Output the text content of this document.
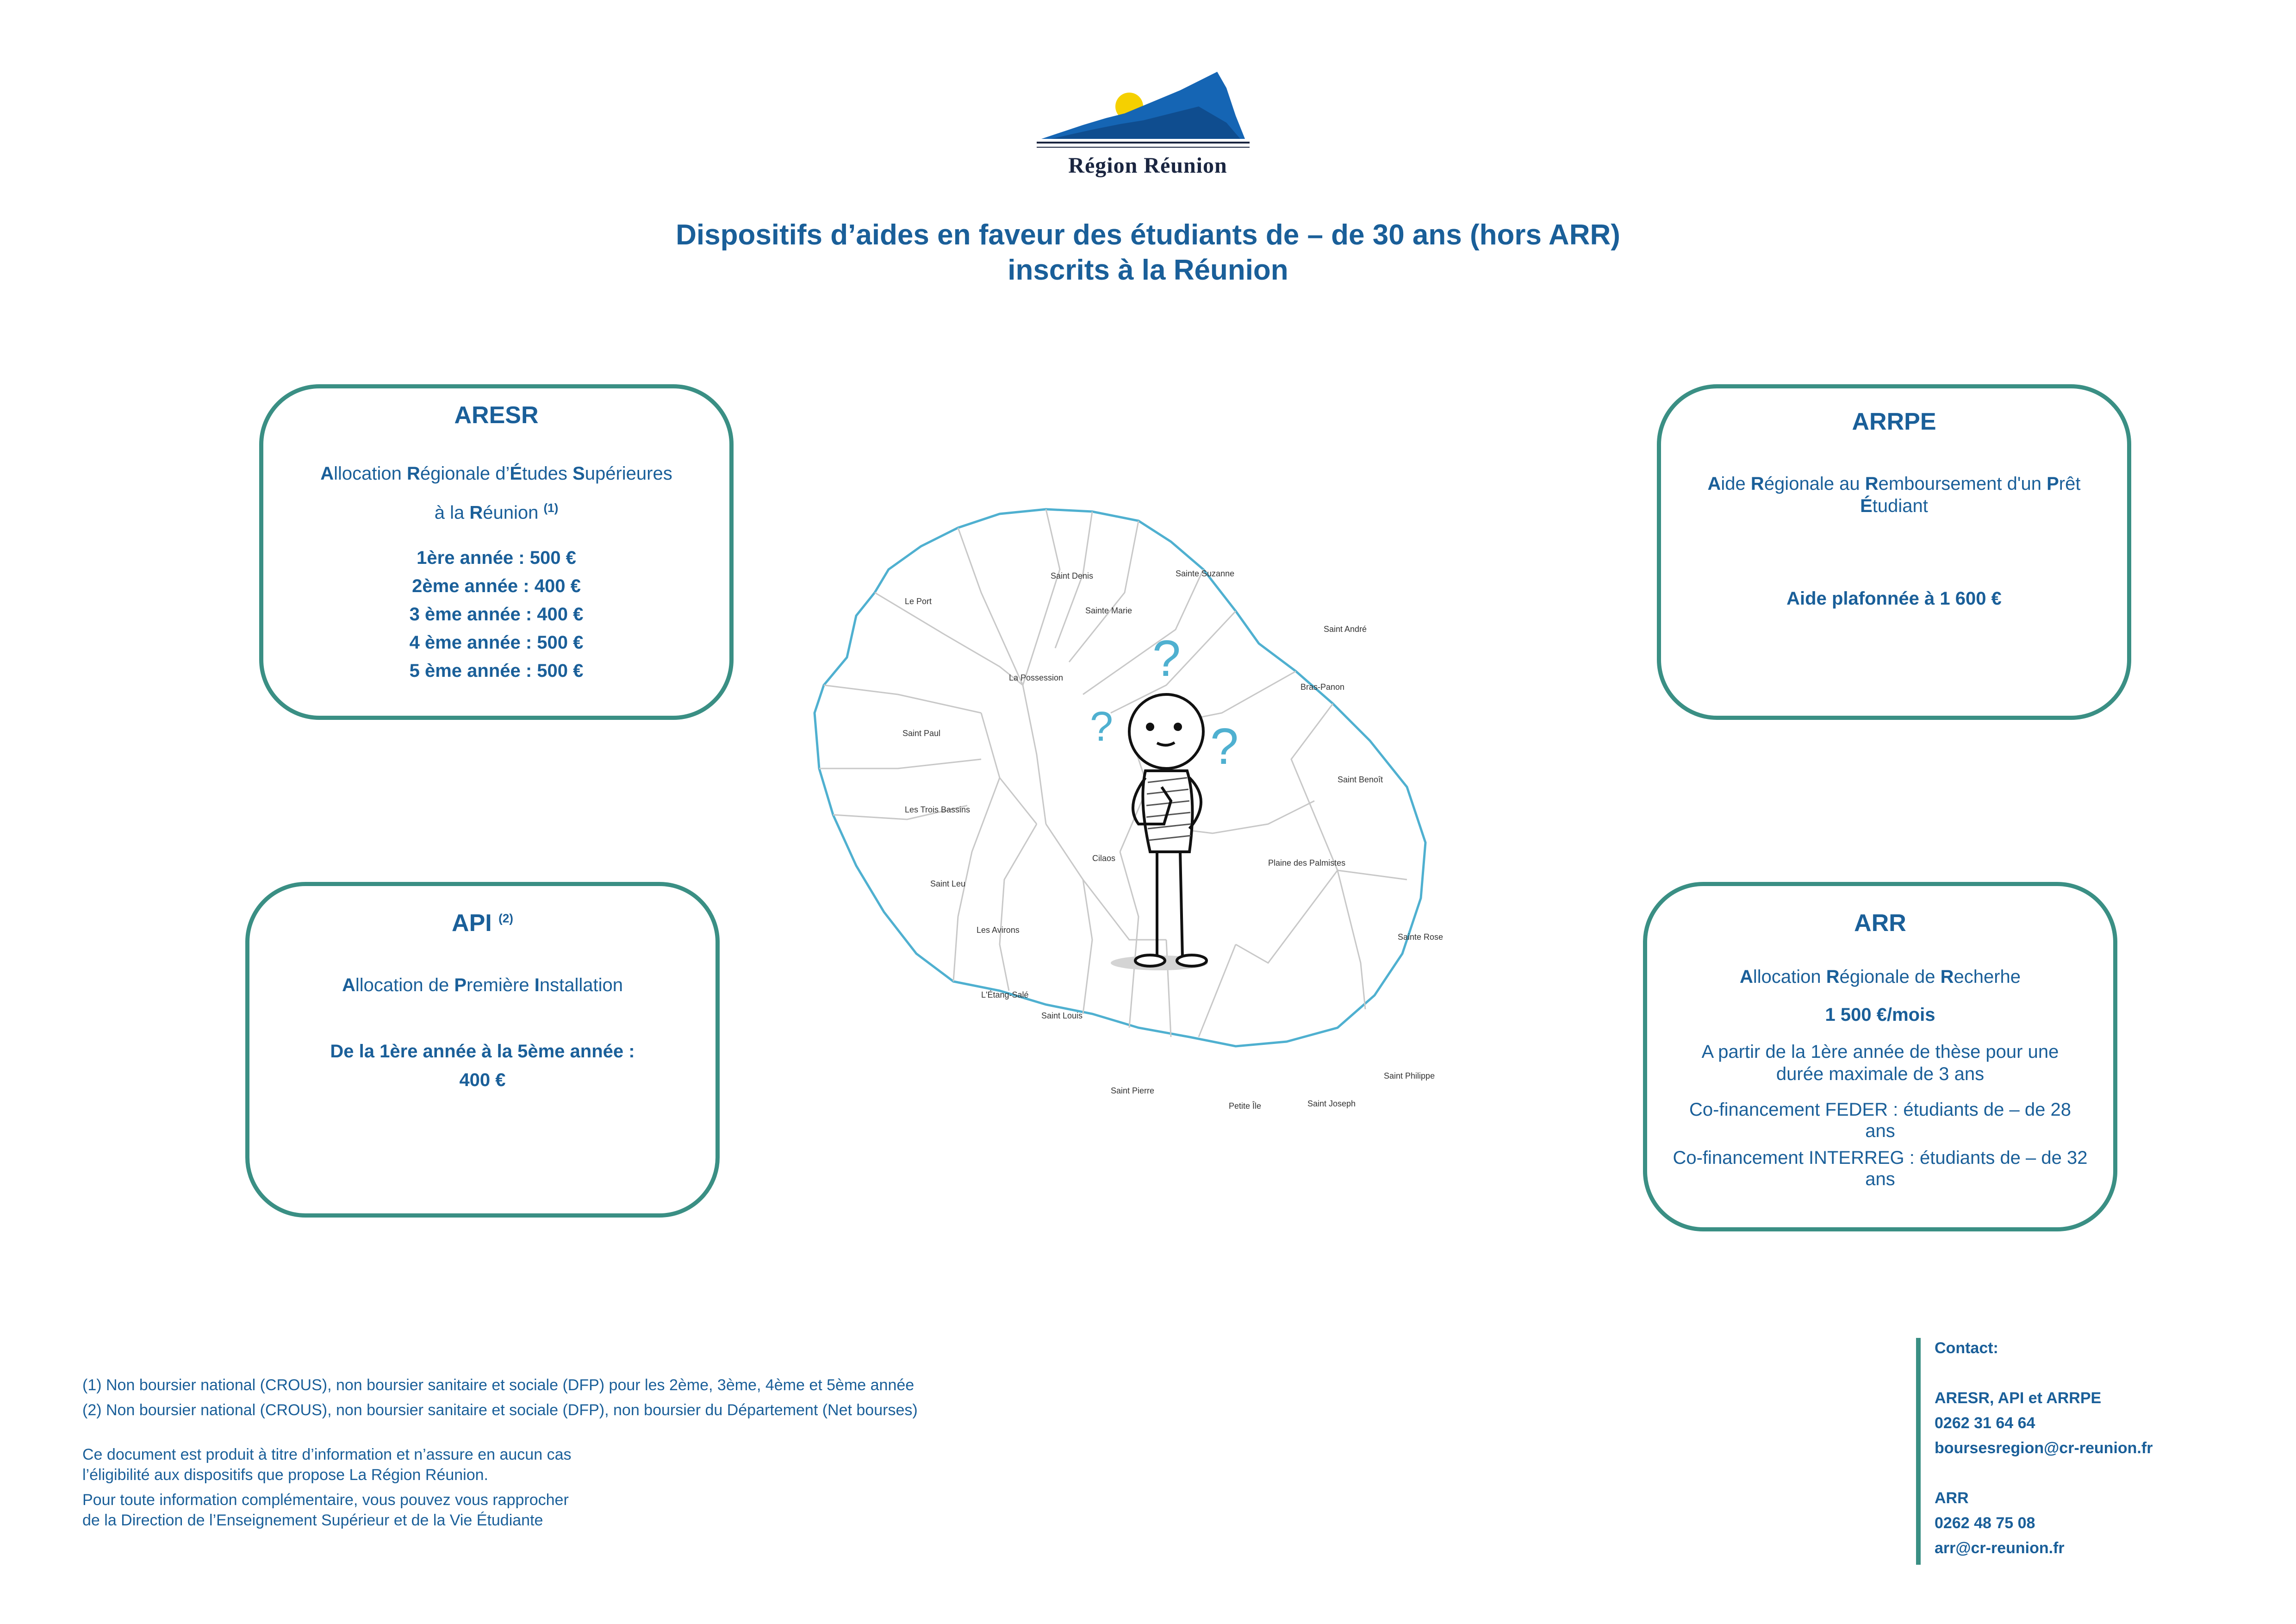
Région Réunion
Dispositifs d’aides en faveur des étudiants de – de 30 ans (hors ARR)
inscrits à la Réunion
ARESR

Allocation Régionale d’Études Supérieures

à la Réunion $^{(1)}$

1ère année : 500 €

2ème année : 400 €

3 ème année : 400 €

4 ème année : 500 €

5 ème année : 500 €

ARRPE

Aide Régionale au Remboursement d'un Prêt
Étudiant

Aide plafonnée à 1 600 €

API $^{(2)}$

Allocation de Première Installation

De la 1ère année à la 5ème année :

400 €

ARR

Allocation Régionale de Recherhe

1 500 €/mois

A partir de la 1ère année de thèse pour une durée maximale de 3 ans

Co-financement FEDER : étudiants de – de 28 ans

Co-financement INTERREG : étudiants de – de 32 ans

Saint Denis
Sainte Marie
Sainte Suzanne
Le Port
Saint André
La Possession
Bras-Panon
Saint Paul
Saint Benoît
Les Trois Bassins
Cilaos	Plaine des Palmistes
Saint Leu
Les Avirons
Sainte Rose
L'Étang-Salé
Saint Louis
Saint Philippe
Saint Pierre
Petite Île	Saint Joseph
?
? ?
(1) Non boursier national (CROUS), non boursier sanitaire et sociale (DFP) pour les 2ème, 3ème, 4ème et 5ème année
(2) Non boursier national (CROUS), non boursier sanitaire et sociale (DFP), non boursier du Département (Net bourses)

Ce document est produit à titre d’information et n’assure en aucun cas l’éligibilité aux dispositifs que propose La Région Réunion.

Pour toute information complémentaire, vous pouvez vous rapprocher de la Direction de l’Enseignement Supérieur et de la Vie Étudiante

Contact:
ARESR, API et ARRPE
0262 31 64 64
boursesregion@cr-reunion.fr
ARR
0262 48 75 08
arr@cr-reunion.fr
